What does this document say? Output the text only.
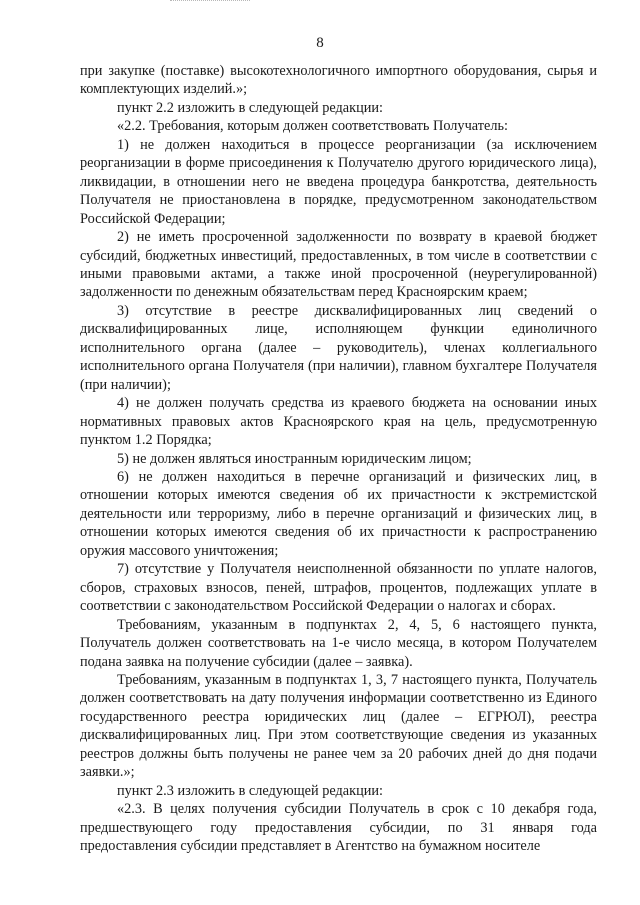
8

при закупке (поставке) высокотехнологичного импортного оборудования, сырья и комплектующих изделий.»;

пункт 2.2 изложить в следующей редакции:

«2.2. Требования, которым должен соответствовать Получатель:

1) не должен находиться в процессе реорганизации (за исключением реорганизации в форме присоединения к Получателю другого юридического лица), ликвидации, в отношении него не введена процедура банкротства, деятельность Получателя не приостановлена в порядке, предусмотренном законодательством Российской Федерации;

2) не иметь просроченной задолженности по возврату в краевой бюджет субсидий, бюджетных инвестиций, предоставленных, в том числе в соответствии с иными правовыми актами, а также иной просроченной (неурегулированной) задолженности по денежным обязательствам перед Красноярским краем;

3) отсутствие в реестре дисквалифицированных лиц сведений о дисквалифицированных лице, исполняющем функции единоличного исполнительного органа (далее – руководитель), членах коллегиального исполнительного органа Получателя (при наличии), главном бухгалтере Получателя (при наличии);

4) не должен получать средства из краевого бюджета на основании иных нормативных правовых актов Красноярского края на цель, предусмотренную пунктом 1.2 Порядка;

5) не должен являться иностранным юридическим лицом;

6) не должен находиться в перечне организаций и физических лиц, в отношении которых имеются сведения об их причастности к экстремистской деятельности или терроризму, либо в перечне организаций и физических лиц, в отношении которых имеются сведения об их причастности к распространению оружия массового уничтожения;

7) отсутствие у Получателя неисполненной обязанности по уплате налогов, сборов, страховых взносов, пеней, штрафов, процентов, подлежащих уплате в соответствии с законодательством Российской Федерации о налогах и сборах.

Требованиям, указанным в подпунктах 2, 4, 5, 6 настоящего пункта, Получатель должен соответствовать на 1-е число месяца, в котором Получателем подана заявка на получение субсидии (далее – заявка).

Требованиям, указанным в подпунктах 1, 3, 7 настоящего пункта, Получатель должен соответствовать на дату получения информации соответственно из Единого государственного реестра юридических лиц (далее – ЕГРЮЛ), реестра дисквалифицированных лиц. При этом соответствующие сведения из указанных реестров должны быть получены не ранее чем за 20 рабочих дней до дня подачи заявки.»;

пункт 2.3 изложить в следующей редакции:

«2.3. В целях получения субсидии Получатель в срок с 10 декабря года, предшествующего году предоставления субсидии, по 31 января года предоставления субсидии представляет в Агентство на бумажном носителе
